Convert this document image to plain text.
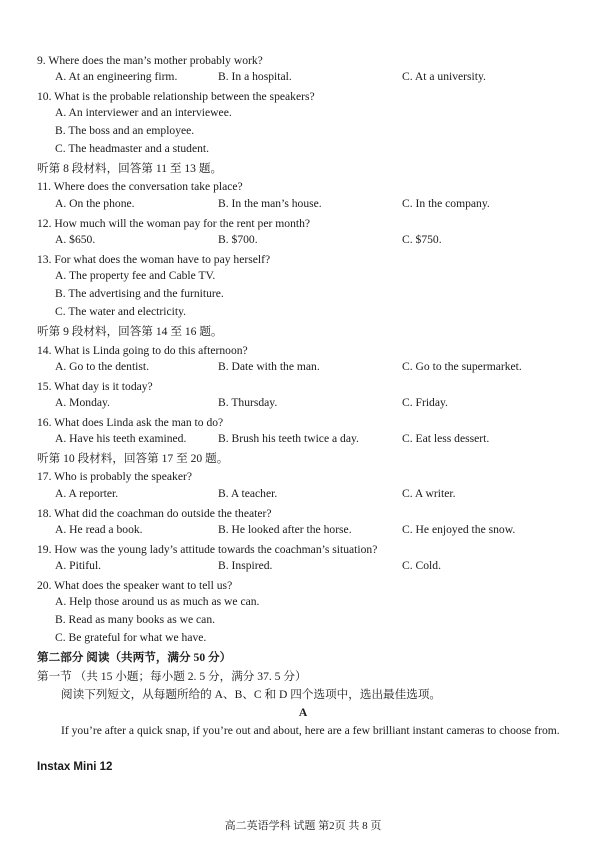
9. Where does the man’s mother probably work?
A. At an engineering firm.	B. In a hospital.	C. At a university.
10. What is the probable relationship between the speakers?
A. An interviewer and an interviewee.
B. The boss and an employee.
C. The headmaster and a student.
听第 8 段材料，回答第 11 至 13 题。
11. Where does the conversation take place?
A. On the phone.	B. In the man’s house.	C. In the company.
12. How much will the woman pay for the rent per month?
A. $650.	B. $700.	C. $750.
13. For what does the woman have to pay herself?
A. The property fee and Cable TV.
B. The advertising and the furniture.
C. The water and electricity.
听第 9 段材料，回答第 14 至 16 题。
14. What is Linda going to do this afternoon?
A. Go to the dentist.	B. Date with the man.	C. Go to the supermarket.
15. What day is it today?
A. Monday.	B. Thursday.	C. Friday.
16. What does Linda ask the man to do?
A. Have his teeth examined.	B. Brush his teeth twice a day.	C. Eat less dessert.
听第 10 段材料，回答第 17 至 20 题。
17. Who is probably the speaker?
A. A reporter.	B. A teacher.	C. A writer.
18. What did the coachman do outside the theater?
A. He read a book.	B. He looked after the horse.	C. He enjoyed the snow.
19. How was the young lady’s attitude towards the coachman’s situation?
A. Pitiful.	B. Inspired.	C. Cold.
20. What does the speaker want to tell us?
A. Help those around us as much as we can.
B. Read as many books as we can.
C. Be grateful for what we have.
第二部分 阅读（共两节，满分 50 分）
第一节 （共 15 小题；每小题 2. 5 分，满分 37. 5 分）
阅读下列短文，从每题所给的 A、B、C 和 D 四个选项中，选出最佳选项。
A
If you’re after a quick snap, if you’re out and about, here are a few brilliant instant cameras to choose from.
Instax Mini 12
高二英语学科 试题 第2页 共 8 页
